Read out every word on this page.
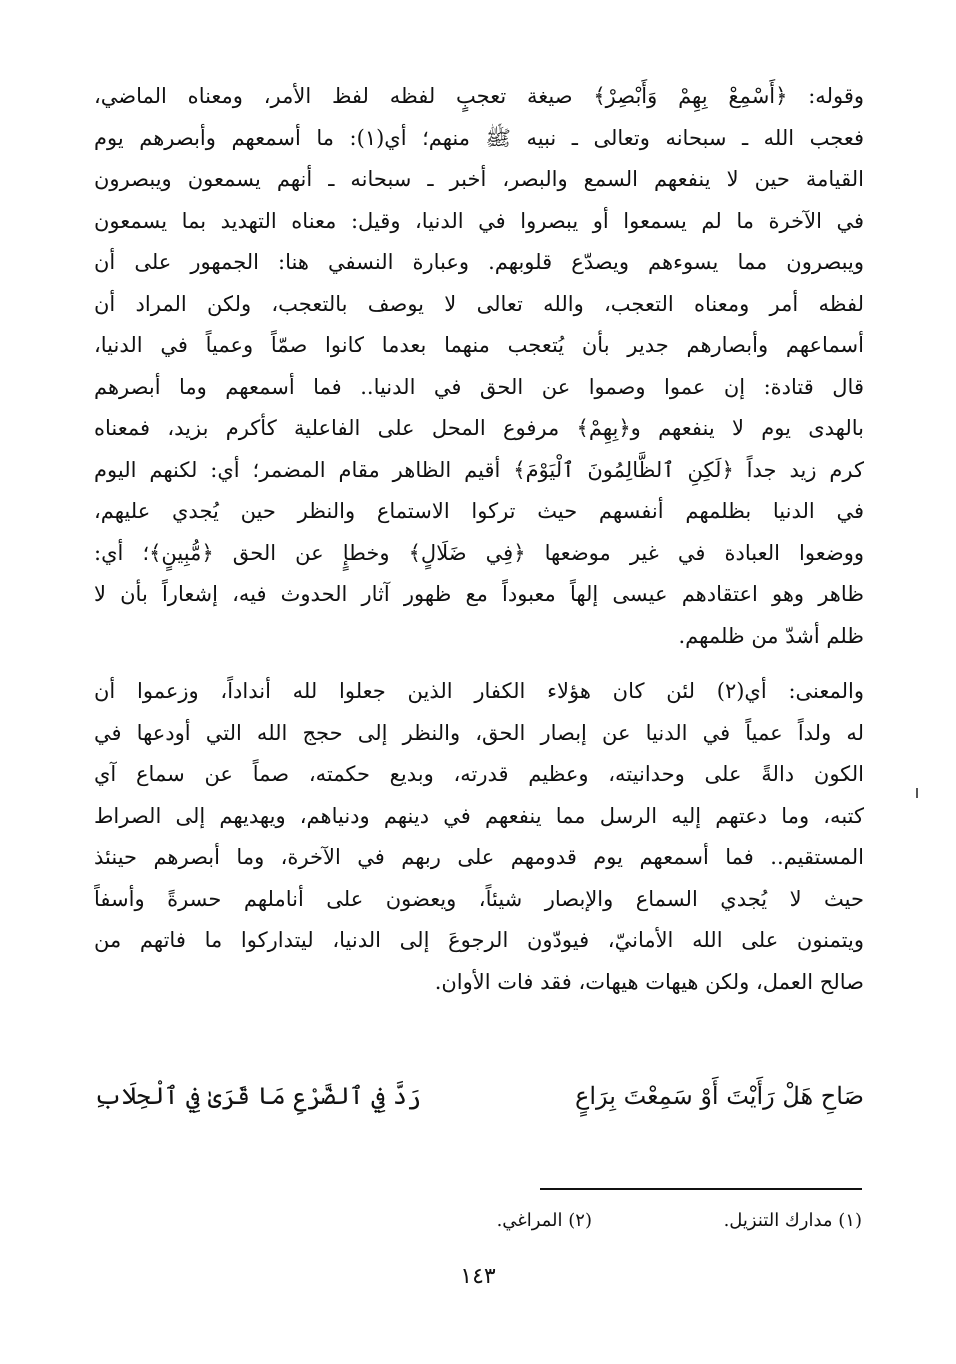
وقوله: ﴿أَسْمِعْ بِهِمْ وَأَبْصِرْ﴾ صيغة تعجبٍ لفظه لفظ الأمر، ومعناه الماضي،
فعجب الله ـ سبحانه وتعالى ـ نبيه ﷺ منهم؛ أي(١): ما أسمعهم وأبصرهم يوم
القيامة حين لا ينفعهم السمع والبصر، أخبر ـ سبحانه ـ أنهم يسمعون ويبصرون
في الآخرة ما لم يسمعوا أو يبصروا في الدنيا، وقيل: معناه التهديد بما يسمعون
ويبصرون مما يسوءهم ويصدّع قلوبهم. وعبارة النسفي هنا: الجمهور على أن
لفظه أمر ومعناه التعجب، والله تعالى لا يوصف بالتعجب، ولكن المراد أن
أسماعهم وأبصارهم جدير بأن يُتعجب منهما بعدما كانوا صمّاً وعمياً في الدنيا،
قال قتادة: إن عموا وصموا عن الحق في الدنيا.. فما أسمعهم وما أبصرهم
بالهدى يوم لا ينفعهم و﴿بِهِمْ﴾ مرفوع المحل على الفاعلية كأكرم بزيد، فمعناه
كرم زيد جداً ﴿لَكِنِ ٱلظَّالِمُونَ ٱلْيَوْمَ﴾ أقيم الظاهر مقام المضمر؛ أي: لكنهم اليوم
في الدنيا بظلمهم أنفسهم حيث تركوا الاستماع والنظر حين يُجدي عليهم،
ووضعوا العبادة في غير موضعها ﴿فِي ضَلَالٍ﴾ وخطإٍ عن الحق ﴿مُّبِينٍ﴾؛ أي:
ظاهر وهو اعتقادهم عيسى إلهاً معبوداً مع ظهور آثار الحدوث فيه، إشعاراً بأن لا
ظلم أشدّ من ظلمهم.
والمعنى: أي(٢) لئن كان هؤلاء الكفار الذين جعلوا لله أنداداً، وزعموا أن
له ولداً عمياً في الدنيا عن إبصار الحق، والنظر إلى حجج الله التي أودعها في
الكون دالةً على وحدانيته، وعظيم قدرته، وبديع حكمته، صماً عن سماع آي
كتبه، وما دعتهم إليه الرسل مما ينفعهم في دينهم ودنياهم، ويهديهم إلى الصراط
المستقيم.. فما أسمعهم يوم قدومهم على ربهم في الآخرة، وما أبصرهم حينئذ
حيث لا يُجدي السماع والإبصار شيئاً، ويعضون على أناملهم حسرةً وأسفاً
ويتمنون على الله الأمانيّ، فيودّون الرجوعَ إلى الدنيا، ليتداركوا ما فاتهم من
صالح العمل، ولكن هيهات هيهات، فقد فات الأوان.
صَاحِ هَلْ رَأَيْتَ أَوْ سَمِعْتَ بِرَاعٍ
رَدَّ فِي ٱلضَّرْعِ مَا قَرَىٰ فِي ٱلْحِلَابِ
(١) مدارك التنزيل.
(٢) المراغي.
١٤٣
